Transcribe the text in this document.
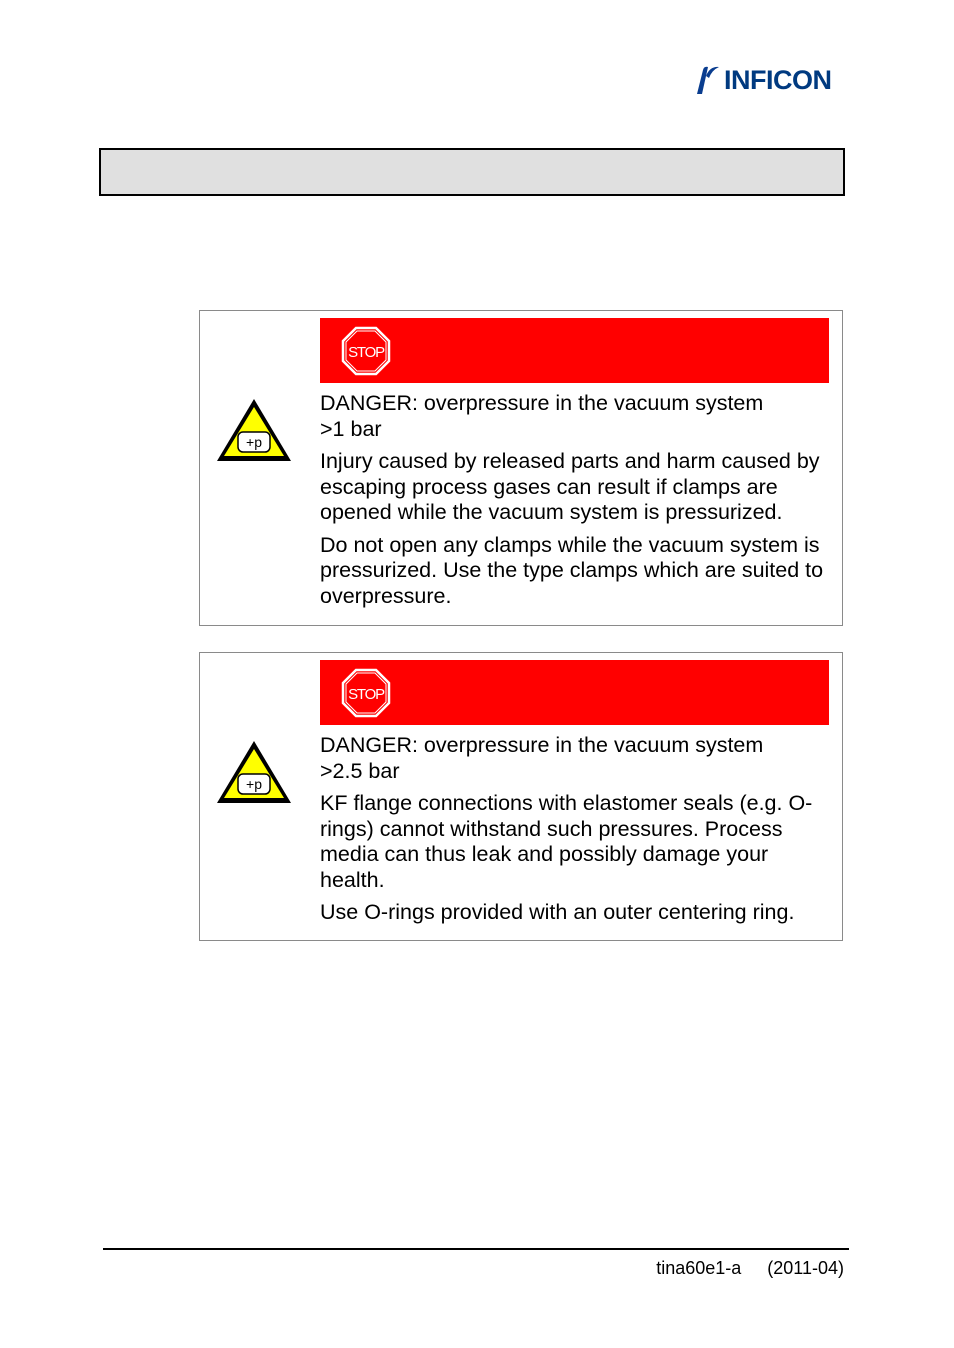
INFICON
STOP
+p

DANGER: overpressure in the vacuum system
>1 bar

Injury caused by released parts and harm caused by escaping process gases can result if clamps are opened while the vacuum system is pressurized.

Do not open any clamps while the vacuum system is pressurized. Use the type clamps which are suited to overpressure.

STOP
+p

DANGER: overpressure in the vacuum system
>2.5 bar

KF flange connections with elastomer seals (e.g. O-rings) cannot withstand such pressures. Process media can thus leak and possibly damage your health.

Use O-rings provided with an outer centering ring.

tina60e1-a (2011-04)
